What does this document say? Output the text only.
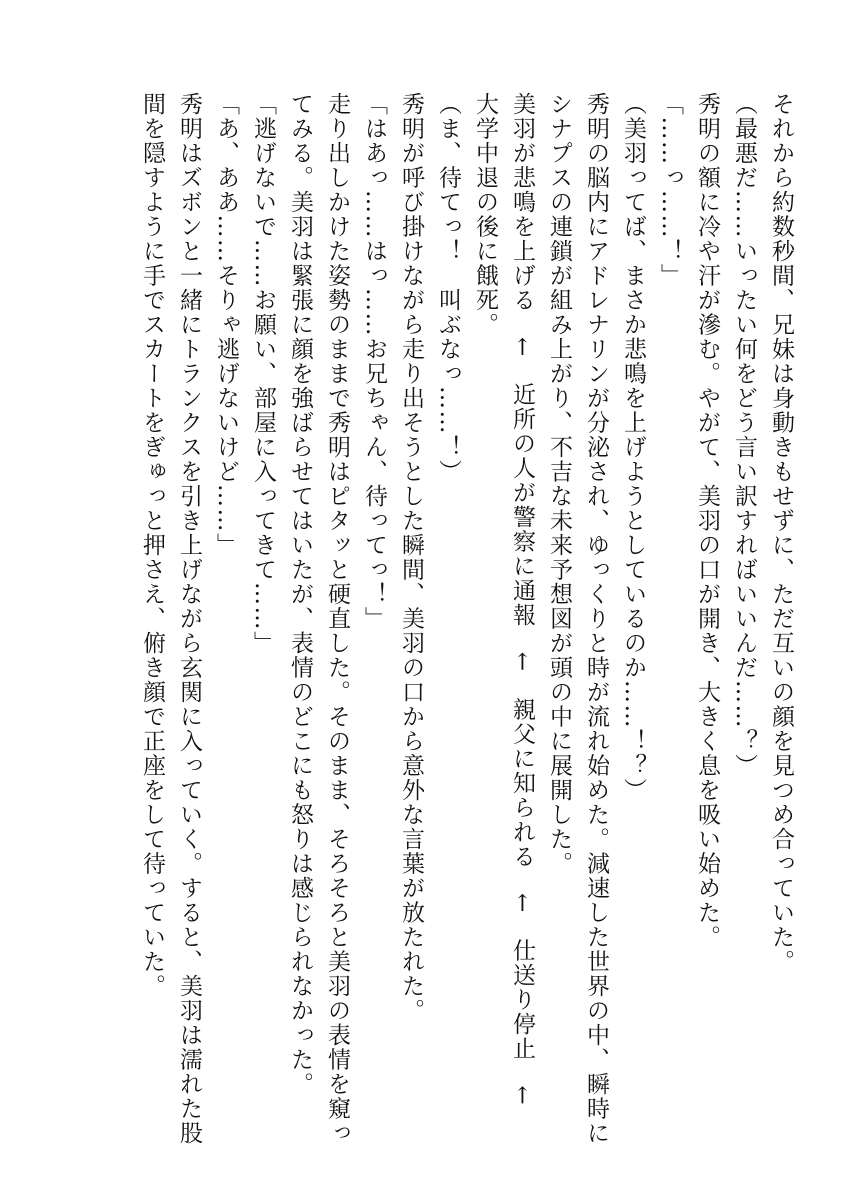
それから約数秒間、兄妹は身動きもせずに、ただ互いの顔を見つめ合っていた。

（最悪だ……いったい何をどう言い訳すればいいんだ……？）

秀明の額に冷や汗が滲む。やがて、美羽の口が開き、大きく息を吸い始めた。

「……っ……！」

（美羽ってば、まさか悲鳴を上げようとしているのか……！？）

秀明の脳内にアドレナリンが分泌され、ゆっくりと時が流れ始めた。減速した世界の中、瞬時に

シナプスの連鎖が組み上がり、不吉な未来予想図が頭の中に展開した。

美羽が悲鳴を上げる　←　近所の人が警察に通報　←　親父に知られる　←　仕送り停止　←

大学中退の後に餓死。

（ま、待てっ！　叫ぶなっ……！）

秀明が呼び掛けながら走り出そうとした瞬間、美羽の口から意外な言葉が放たれた。

「はあっ……はっ……お兄ちゃん、待ってっ！」

走り出しかけた姿勢のままで秀明はピタッと硬直した。そのまま、そろそろと美羽の表情を窺っ

てみる。美羽は緊張に顔を強ばらせてはいたが、表情のどこにも怒りは感じられなかった。

「逃げないで……お願い、部屋に入ってきて……」

「あ、ああ……そりゃ逃げないけど……」

秀明はズボンと一緒にトランクスを引き上げながら玄関に入っていく。すると、美羽は濡れた股

間を隠すように手でスカートをぎゅっと押さえ、俯き顔で正座をして待っていた。
